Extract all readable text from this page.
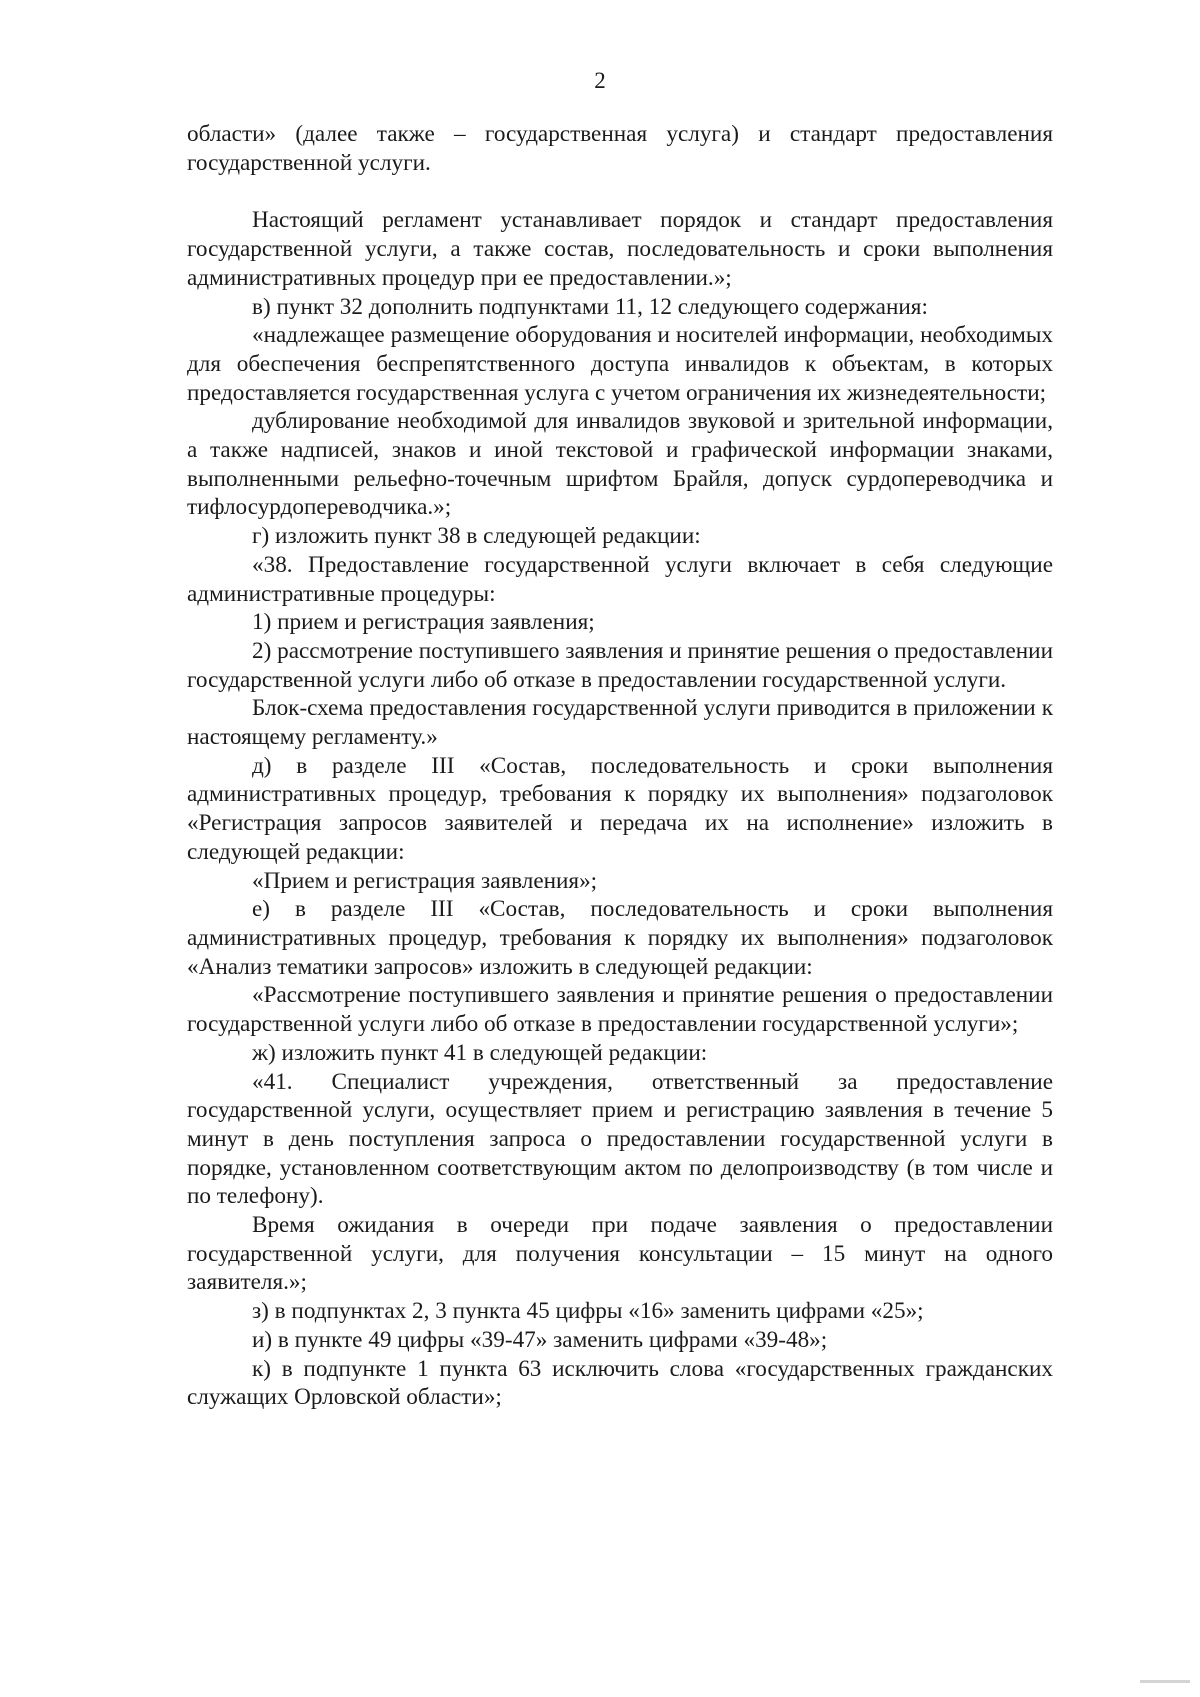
2

области» (далее также – государственная услуга) и стандарт предоставления государственной услуги.

Настоящий регламент устанавливает порядок и стандарт предоставления государственной услуги, а также состав, последовательность и сроки выполнения административных процедур при ее предоставлении.»;

в) пункт 32 дополнить подпунктами 11, 12 следующего содержания:

«надлежащее размещение оборудования и носителей информации, необходимых для обеспечения беспрепятственного доступа инвалидов к объектам, в которых предоставляется государственная услуга с учетом ограничения их жизнедеятельности;

дублирование необходимой для инвалидов звуковой и зрительной информации, а также надписей, знаков и иной текстовой и графической информации знаками, выполненными рельефно-точечным шрифтом Брайля, допуск сурдопереводчика и тифлосурдопереводчика.»;

г) изложить пункт 38 в следующей редакции:

«38. Предоставление государственной услуги включает в себя следующие административные процедуры:

1) прием и регистрация заявления;

2) рассмотрение поступившего заявления и принятие решения о предоставлении государственной услуги либо об отказе в предоставлении государственной услуги.

Блок-схема предоставления государственной услуги приводится в приложении к настоящему регламенту.»

д) в разделе III «Состав, последовательность и сроки выполнения административных процедур, требования к порядку их выполнения» подзаголовок «Регистрация запросов заявителей и передача их на исполнение» изложить в следующей редакции:

«Прием и регистрация заявления»;

е) в разделе III «Состав, последовательность и сроки выполнения административных процедур, требования к порядку их выполнения» подзаголовок «Анализ тематики запросов» изложить в следующей редакции:

«Рассмотрение поступившего заявления и принятие решения о предоставлении государственной услуги либо об отказе в предоставлении государственной услуги»;

ж) изложить пункт 41 в следующей редакции:

«41. Специалист учреждения, ответственный за предоставление государственной услуги, осуществляет прием и регистрацию заявления в течение 5 минут в день поступления запроса о предоставлении государственной услуги в порядке, установленном соответствующим актом по делопроизводству (в том числе и по телефону).

Время ожидания в очереди при подаче заявления о предоставлении государственной услуги, для получения консультации – 15 минут на одного заявителя.»;

з) в подпунктах 2, 3 пункта 45 цифры «16» заменить цифрами «25»;

и) в пункте 49 цифры «39-47» заменить цифрами «39-48»;

к) в подпункте 1 пункта 63 исключить слова «государственных гражданских служащих Орловской области»;
